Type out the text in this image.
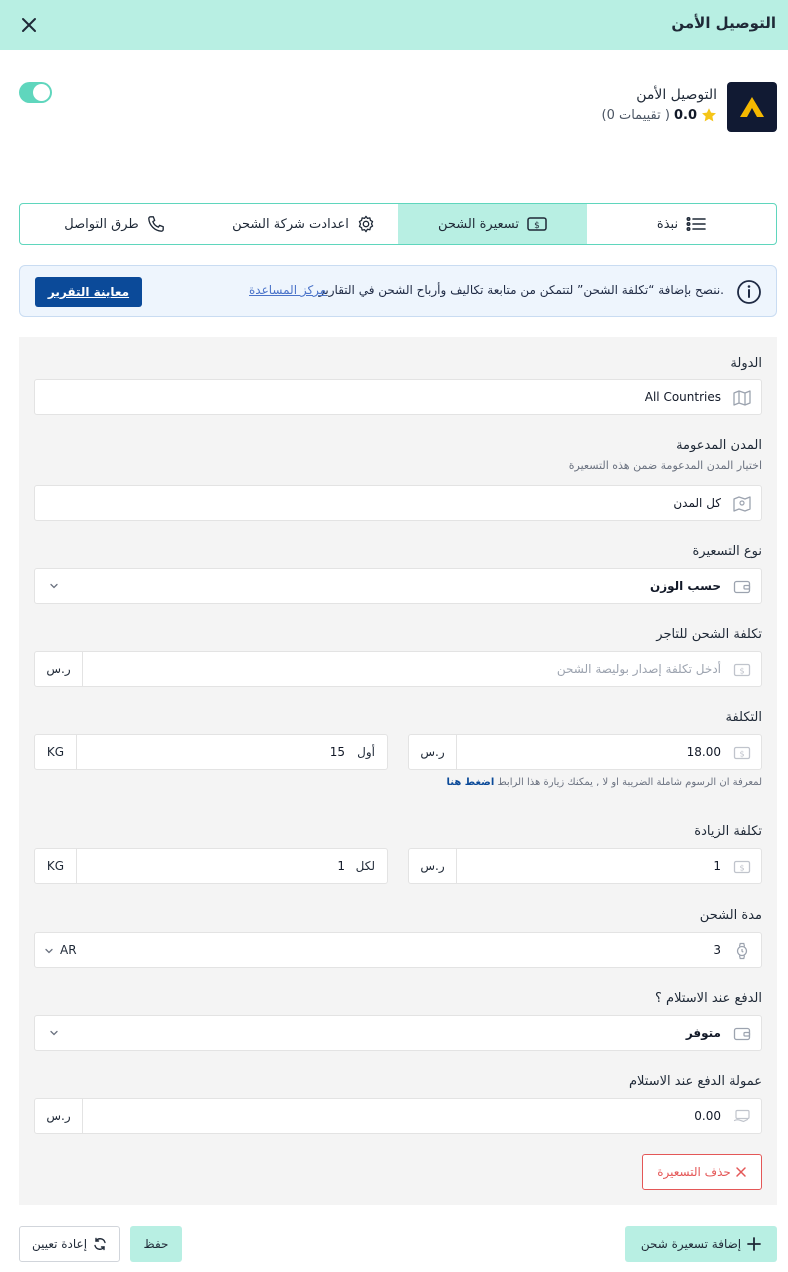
التوصيل الأمن
التوصيل الأمن
0.0
(0 تقييمات )
نبذة
$
تسعيرة الشحن
اعدادت شركة الشحن
طرق التواصل
ننصح بإضافة “تكلفة الشحن” لتتمكن من متابعة تكاليف وأرباح الشحن في التقارير.
مركز المساعدة
معاينة التقرير
الدولة
All Countries
المدن المدعومة
اختيار المدن المدعومة ضمن هذه التسعيرة
كل المدن
نوع التسعيرة
حسب الوزن
تكلفة الشحن للتاجر
$
أدخل تكلفة إصدار بوليصة الشحن
ر.س
التكلفة
$
18.00
ر.س
أول
15
KG
لمعرفة ان الرسوم شاملة الضريبة او لا , يمكنك زيارة هذا الرابط اضغط هنا
تكلفة الزيادة
$
1
ر.س
لكل
1
KG
مدة الشحن
3
AR
الدفع عند الاستلام ؟
متوفر
عمولة الدفع عند الاستلام
0.00
ر.س
حذف التسعيرة
إضافة تسعيرة شحن
حفظ
إعادة تعيين
